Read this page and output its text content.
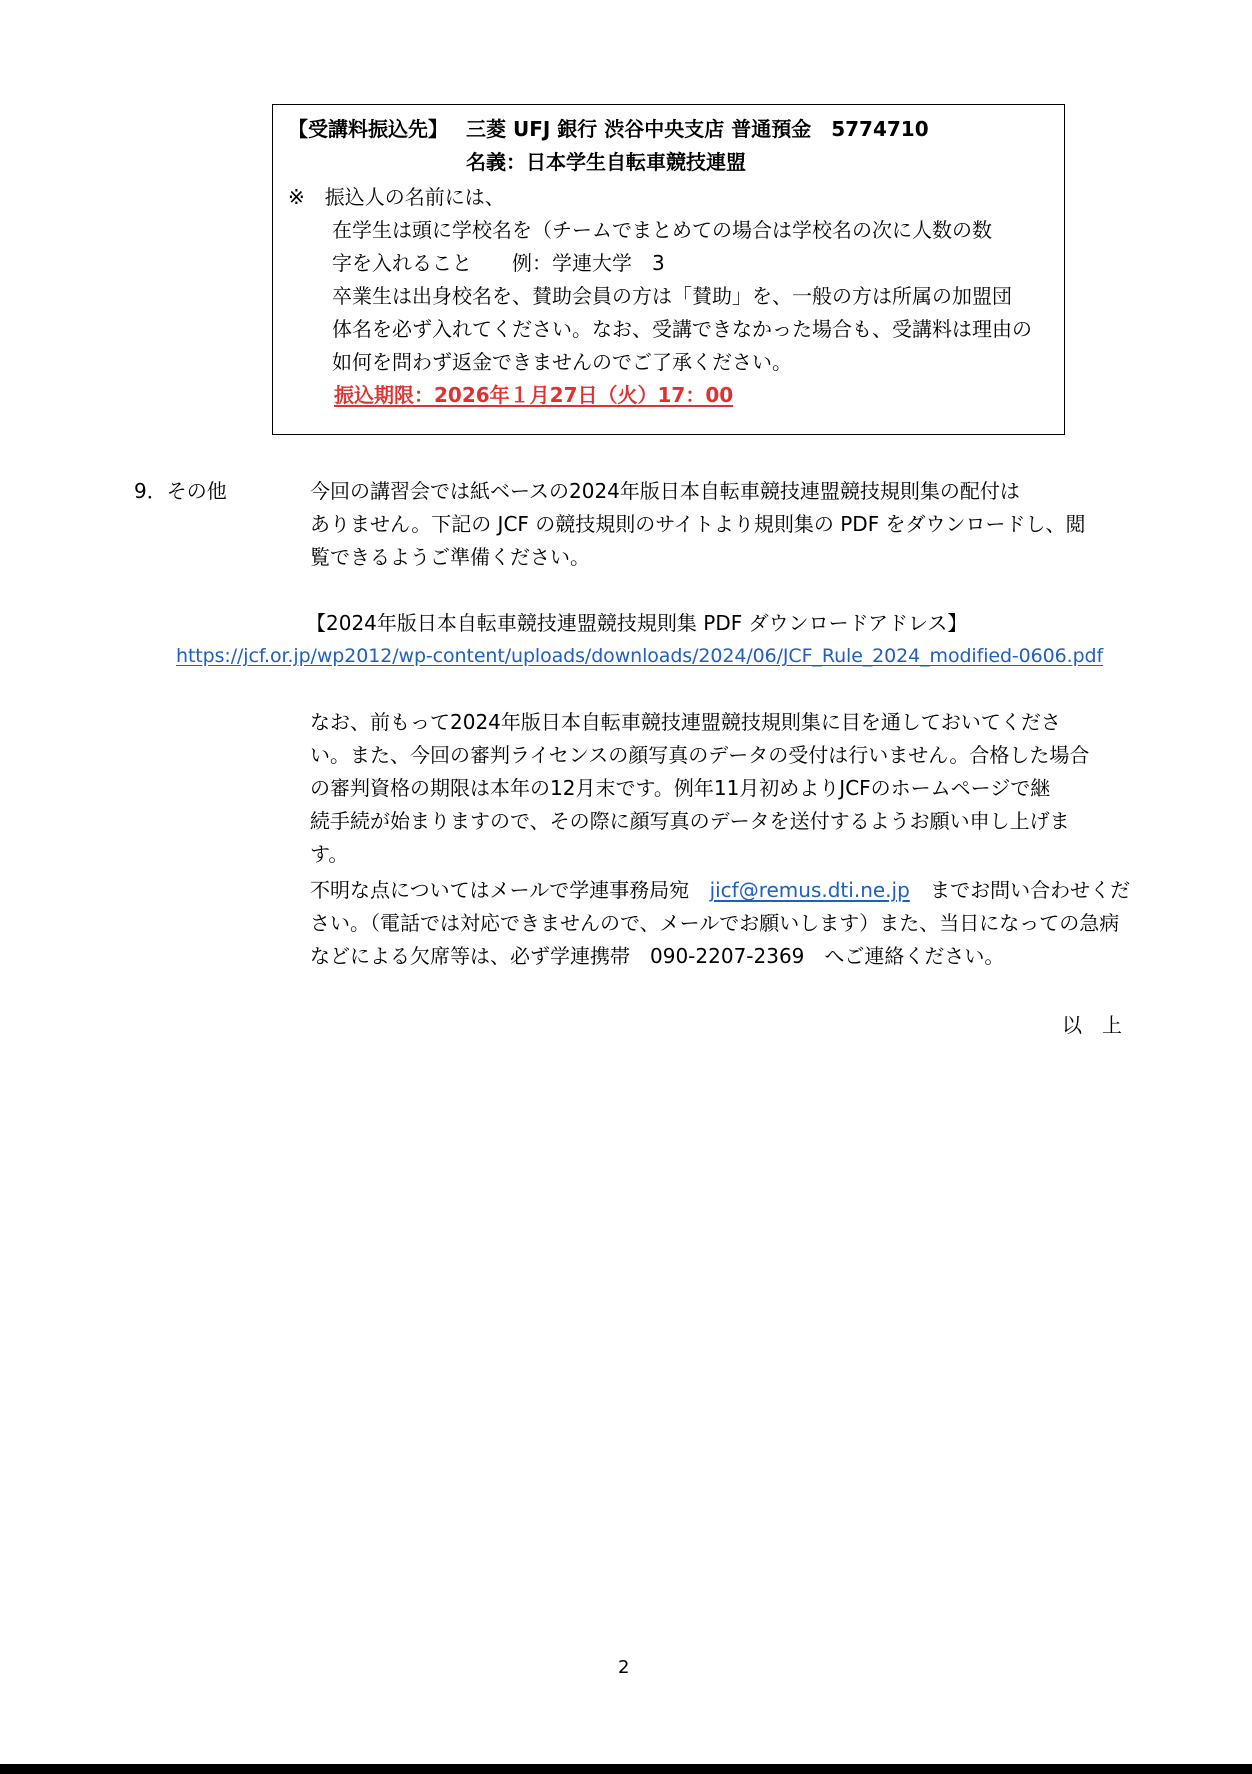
【受講料振込先】 三菱 UFJ 銀行 渋谷中央支店 普通預金　5774710
名義：日本学生自転車競技連盟
※　振込人の名前には、
在学生は頭に学校名を（チームでまとめての場合は学校名の次に人数の数
字を入れること　　例：学連大学　3
卒業生は出身校名を、賛助会員の方は「賛助」を、一般の方は所属の加盟団
体名を必ず入れてください。なお、受講できなかった場合も、受講料は理由の
如何を問わず返金できませんのでご了承ください。
振込期限：2026年１月27日（火）17：00
9．その他	今回の講習会では紙ベースの2024年版日本自転車競技連盟競技規則集の配付は
ありません。下記の JCF の競技規則のサイトより規則集の PDF をダウンロードし、閲
覧できるようご準備ください。
【2024年版日本自転車競技連盟競技規則集 PDF ダウンロードアドレス】
https://jcf.or.jp/wp2012/wp-content/uploads/downloads/2024/06/JCF_Rule_2024_modified-0606.pdf
なお、前もって2024年版日本自転車競技連盟競技規則集に目を通しておいてくださ
い。また、今回の審判ライセンスの顔写真のデータの受付は行いません。合格した場合
の審判資格の期限は本年の12月末です。例年11月初めよりJCFのホームページで継
続手続が始まりますので、その際に顔写真のデータを送付するようお願い申し上げま
す。
不明な点についてはメールで学連事務局宛 jicf@remus.dti.ne.jp までお問い合わせくだ
さい。（電話では対応できませんので、メールでお願いします）また、当日になっての急病
などによる欠席等は、必ず学連携帯　090-2207-2369　へご連絡ください。
以　上
2
